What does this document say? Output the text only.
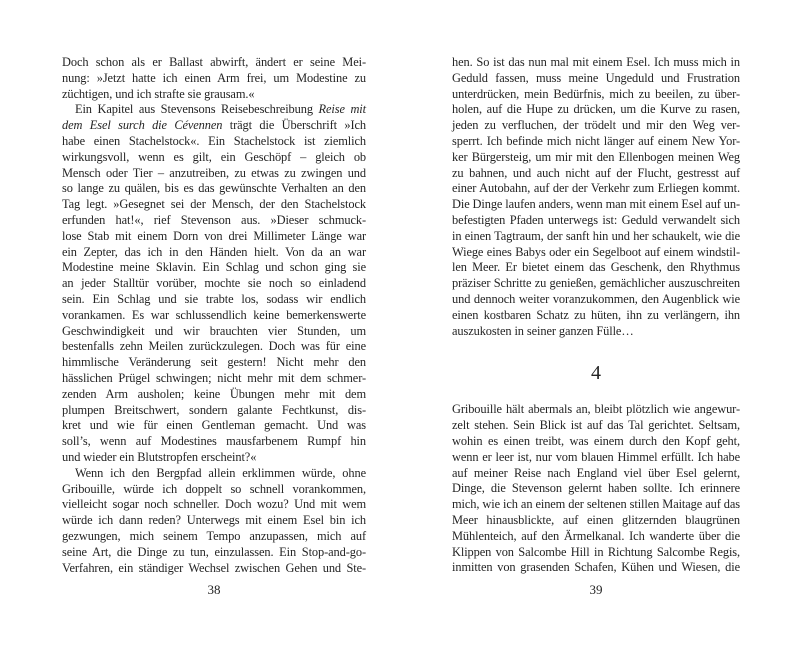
Doch schon als er Ballast abwirft, ändert er seine Mei-
nung: »Jetzt hatte ich einen Arm frei, um Modestine zu
züchtigen, und ich strafte sie grausam.«
Ein Kapitel aus Stevensons Reisebeschreibung Reise mit
dem Esel surch die Cévennen trägt die Überschrift »Ich
habe einen Stachelstock«. Ein Stachelstock ist ziemlich
wirkungsvoll, wenn es gilt, ein Geschöpf – gleich ob
Mensch oder Tier – anzutreiben, zu etwas zu zwingen und
so lange zu quälen, bis es das gewünschte Verhalten an den
Tag legt. »Gesegnet sei der Mensch, der den Stachelstock
erfunden hat!«, rief Stevenson aus. »Dieser schmuck-
lose Stab mit einem Dorn von drei Millimeter Länge war
ein Zepter, das ich in den Händen hielt. Von da an war
Modestine meine Sklavin. Ein Schlag und schon ging sie
an jeder Stalltür vorüber, mochte sie noch so einladend
sein. Ein Schlag und sie trabte los, sodass wir endlich
vorankamen. Es war schlussendlich keine bemerkenswerte
Geschwindigkeit und wir brauchten vier Stunden, um
bestenfalls zehn Meilen zurückzulegen. Doch was für eine
himmlische Veränderung seit gestern! Nicht mehr den
hässlichen Prügel schwingen; nicht mehr mit dem schmer-
zenden Arm ausholen; keine Übungen mehr mit dem
plumpen Breitschwert, sondern galante Fechtkunst, dis-
kret und wie für einen Gentleman gemacht. Und was
soll’s, wenn auf Modestines mausfarbenem Rumpf hin
und wieder ein Blutstropfen erscheint?«
Wenn ich den Bergpfad allein erklimmen würde, ohne
Gribouille, würde ich doppelt so schnell vorankommen,
vielleicht sogar noch schneller. Doch wozu? Und mit wem
würde ich dann reden? Unterwegs mit einem Esel bin ich
gezwungen, mich seinem Tempo anzupassen, mich auf
seine Art, die Dinge zu tun, einzulassen. Ein Stop-and-go-
Verfahren, ein ständiger Wechsel zwischen Gehen und Ste-
38
hen. So ist das nun mal mit einem Esel. Ich muss mich in
Geduld fassen, muss meine Ungeduld und Frustration
unterdrücken, mein Bedürfnis, mich zu beeilen, zu über-
holen, auf die Hupe zu drücken, um die Kurve zu rasen,
jeden zu verfluchen, der trödelt und mir den Weg ver-
sperrt. Ich befinde mich nicht länger auf einem New Yor-
ker Bürgersteig, um mir mit den Ellenbogen meinen Weg
zu bahnen, und auch nicht auf der Flucht, gestresst auf
einer Autobahn, auf der der Verkehr zum Erliegen kommt.
Die Dinge laufen anders, wenn man mit einem Esel auf un-
befestigten Pfaden unterwegs ist: Geduld verwandelt sich
in einen Tagtraum, der sanft hin und her schaukelt, wie die
Wiege eines Babys oder ein Segelboot auf einem windstil-
len Meer. Er bietet einem das Geschenk, den Rhythmus
präziser Schritte zu genießen, gemächlicher auszuschreiten
und dennoch weiter voranzukommen, den Augenblick wie
einen kostbaren Schatz zu hüten, ihn zu verlängern, ihn
auszukosten in seiner ganzen Fülle…
4
Gribouille hält abermals an, bleibt plötzlich wie angewur-
zelt stehen. Sein Blick ist auf das Tal gerichtet. Seltsam,
wohin es einen treibt, was einem durch den Kopf geht,
wenn er leer ist, nur vom blauen Himmel erfüllt. Ich habe
auf meiner Reise nach England viel über Esel gelernt,
Dinge, die Stevenson gelernt haben sollte. Ich erinnere
mich, wie ich an einem der seltenen stillen Maitage auf das
Meer hinausblickte, auf einen glitzernden blaugrünen
Mühlenteich, auf den Ärmelkanal. Ich wanderte über die
Klippen von Salcombe Hill in Richtung Salcombe Regis,
inmitten von grasenden Schafen, Kühen und Wiesen, die
39
